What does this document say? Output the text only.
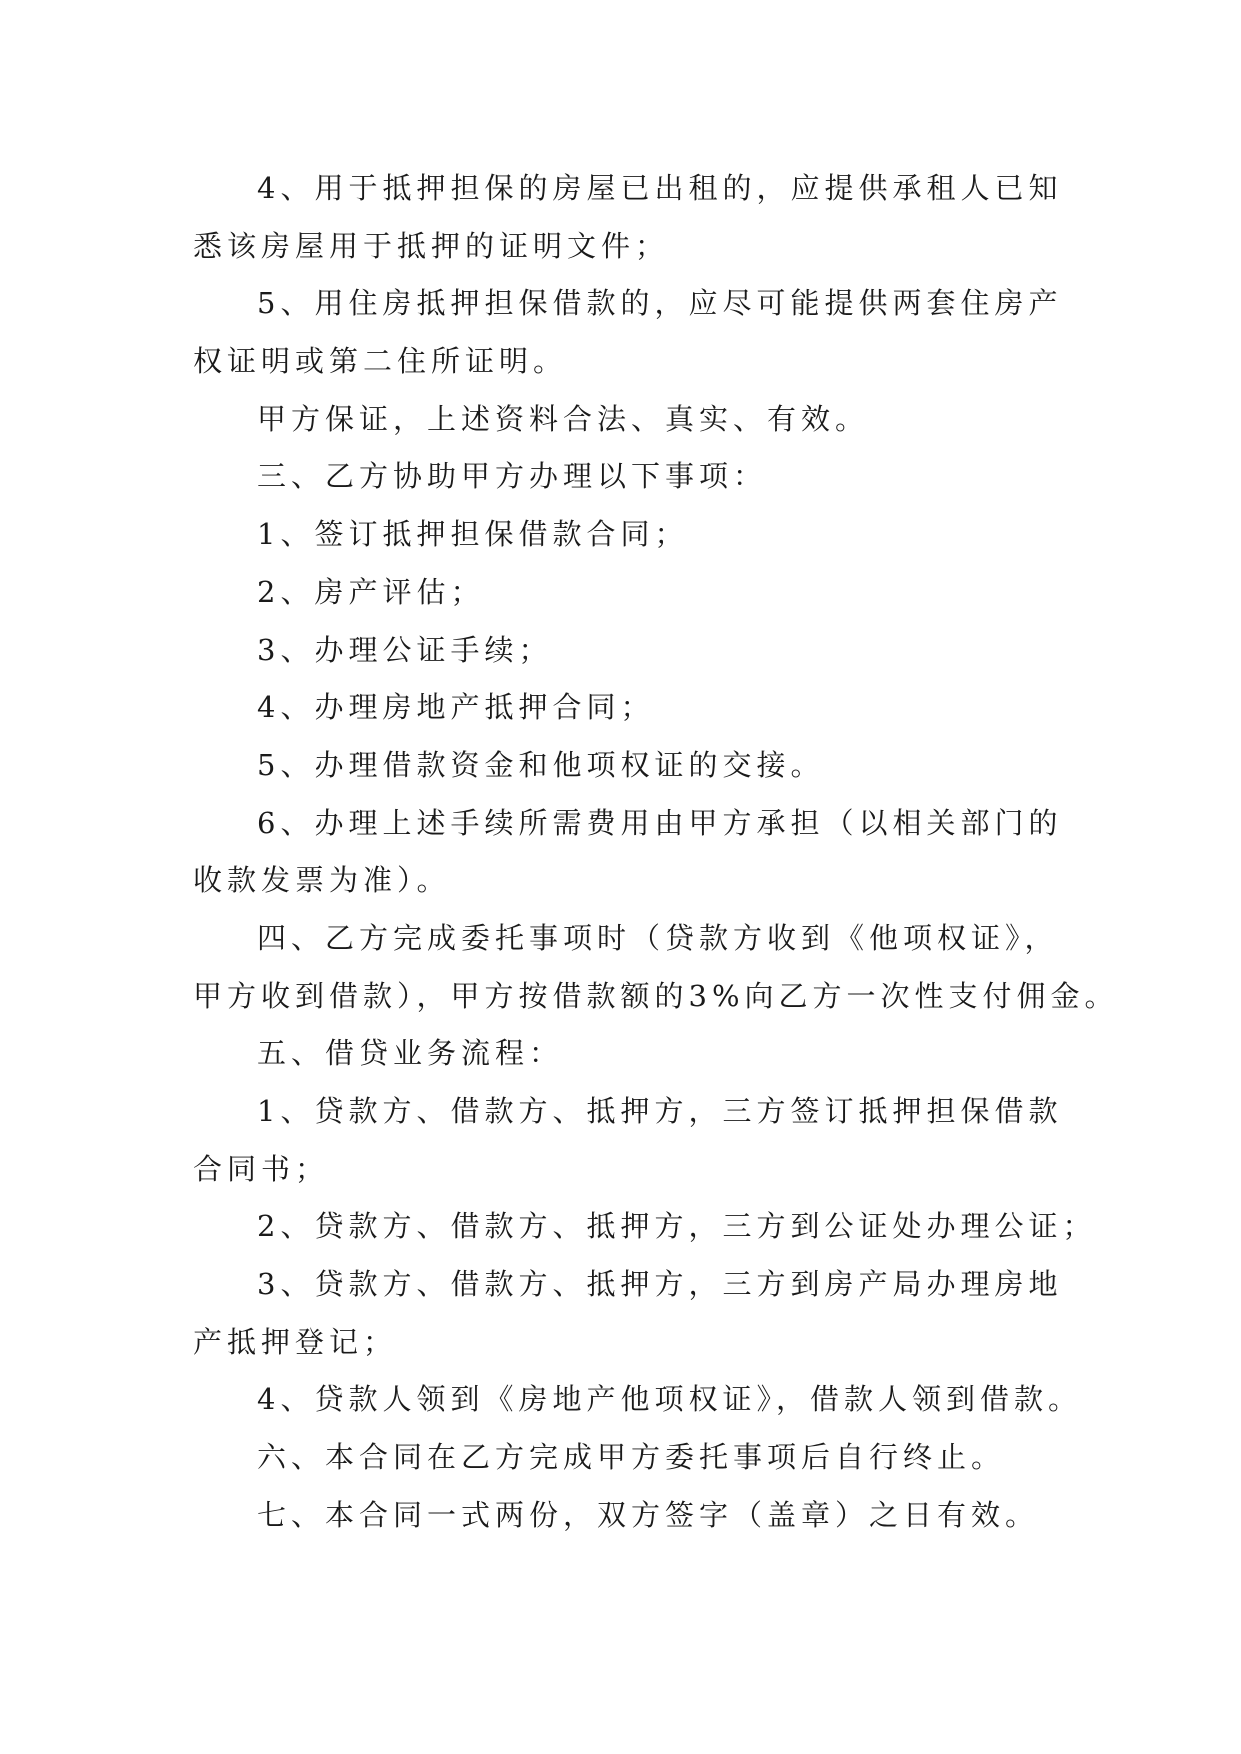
4、用于抵押担保的房屋已出租的，应提供承租人已知
悉该房屋用于抵押的证明文件；
5、用住房抵押担保借款的，应尽可能提供两套住房产
权证明或第二住所证明。
甲方保证，上述资料合法、真实、有效。
三、乙方协助甲方办理以下事项：
1、签订抵押担保借款合同；
2、房产评估；
3、办理公证手续；
4、办理房地产抵押合同；
5、办理借款资金和他项权证的交接。
6、办理上述手续所需费用由甲方承担（以相关部门的
收款发票为准）。
四、乙方完成委托事项时（贷款方收到《他项权证》，
甲方收到借款），甲方按借款额的3%向乙方一次性支付佣金。
五、借贷业务流程：
1、贷款方、借款方、抵押方，三方签订抵押担保借款
合同书；
2、贷款方、借款方、抵押方，三方到公证处办理公证；
3、贷款方、借款方、抵押方，三方到房产局办理房地
产抵押登记；
4、贷款人领到《房地产他项权证》，借款人领到借款。
六、本合同在乙方完成甲方委托事项后自行终止。
七、本合同一式两份，双方签字（盖章）之日有效。
